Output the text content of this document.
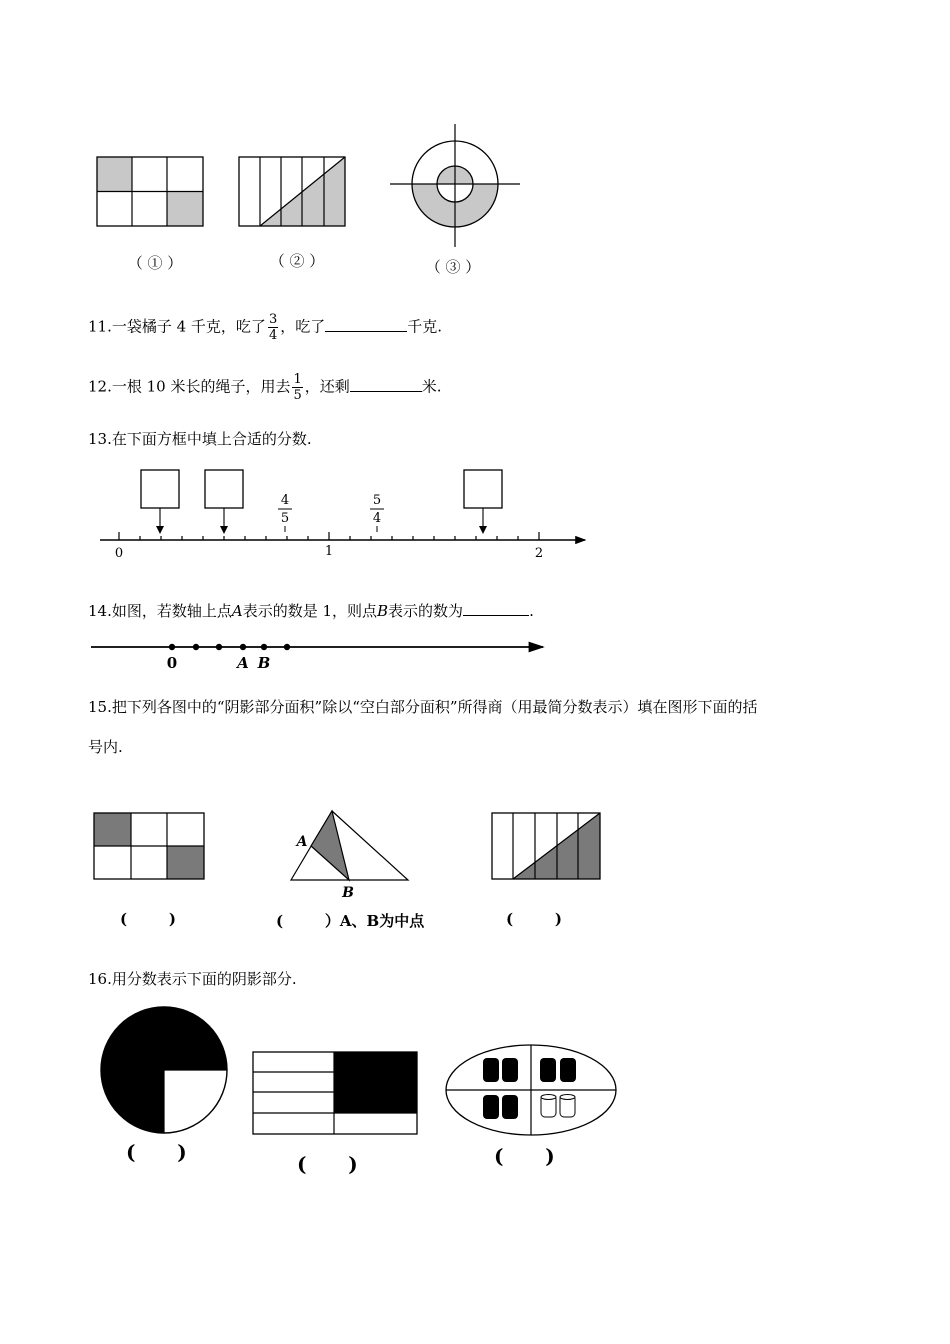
（ ① ）	（ ② ）	（ ③ ）
11.一袋橘子 4 千克，吃了 $\frac{3}{4}$ ，吃了	千克.
12.一根 10 米长的绳子，用去 $\frac{1}{5}$ ，还剩	米.
13.在下面方框中填上合适的分数.
4
5
5
4
0	1	2
14.如图，若数轴上点A表示的数是 1，则点B表示的数为	.
0	A B
15.把下列各图中的“阴影部分面积”除以“空白部分面积”所得商（用最简分数表示）填在图形下面的括
号内.
A
B
(        )	(        ）A、B为中点	(        )
16.用分数表示下面的阴影部分.
(      )	(      )	(      )
